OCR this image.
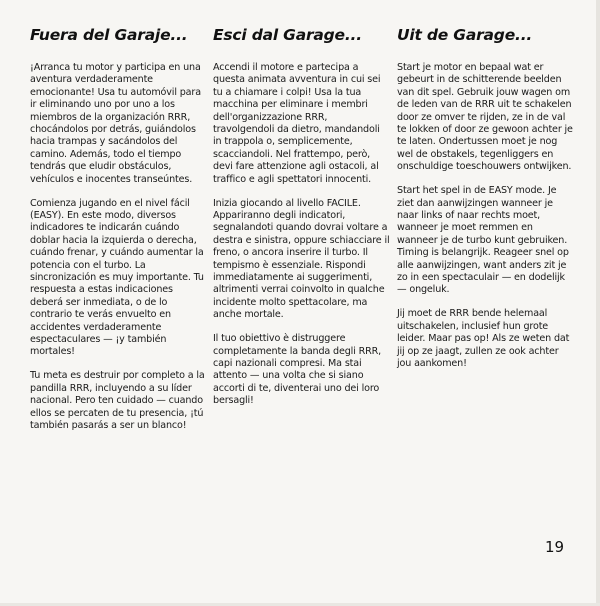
Fuera del Garaje...

¡Arranca tu motor y participa en una aventura verdaderamente emocionante! Usa tu automóvil para ir eliminando uno por uno a los miembros de la organización RRR, chocándolos por detrás, guiándolos hacia trampas y sacándolos del camino. Además, todo el tiempo tendrás que eludir obstáculos, vehículos e inocentes transeúntes.

Comienza jugando en el nivel fácil (EASY). En este modo, diversos indicadores te indicarán cuándo doblar hacia la izquierda o derecha, cuándo frenar, y cuándo aumentar la potencia con el turbo. La sincronización es muy importante. Tu respuesta a estas indicaciones deberá ser inmediata, o de lo contrario te verás envuelto en accidentes verdaderamente espectaculares — ¡y también mortales!

Tu meta es destruir por completo a la pandilla RRR, incluyendo a su líder nacional. Pero ten cuidado — cuando ellos se percaten de tu presencia, ¡tú también pasarás a ser un blanco!

Esci dal Garage...

Accendi il motore e partecipa a questa animata avventura in cui sei tu a chiamare i colpi! Usa la tua macchina per eliminare i membri dell'organizzazione RRR, travolgendoli da dietro, mandandoli in trappola o, semplicemente, scacciandoli. Nel frattempo, però, devi fare attenzione agli ostacoli, al traffico e agli spettatori innocenti.

Inizia giocando al livello FACILE. Appariranno degli indicatori, segnalandoti quando dovrai voltare a destra e sinistra, oppure schiacciare il freno, o ancora inserire il turbo. Il tempismo è essenziale. Rispondi immediatamente ai suggerimenti, altrimenti verrai coinvolto in qualche incidente molto spettacolare, ma anche mortale.

Il tuo obiettivo è distruggere completamente la banda degli RRR, capi nazionali compresi. Ma stai attento — una volta che si siano accorti di te, diventerai uno dei loro bersagli!

Uit de Garage...

Start je motor en bepaal wat er gebeurt in de schitterende beelden van dit spel. Gebruik jouw wagen om de leden van de RRR uit te schakelen door ze omver te rijden, ze in de val te lokken of door ze gewoon achter je te laten. Ondertussen moet je nog wel de obstakels, tegenliggers en onschuldige toeschouwers ontwijken.

Start het spel in de EASY mode. Je ziet dan aanwijzingen wanneer je naar links of naar rechts moet, wanneer je moet remmen en wanneer je de turbo kunt gebruiken. Timing is belangrijk. Reageer snel op alle aanwijzingen, want anders zit je zo in een spectaculair — en dodelijk — ongeluk.

Jij moet de RRR bende helemaal uitschakelen, inclusief hun grote leider. Maar pas op! Als ze weten dat jij op ze jaagt, zullen ze ook achter jou aankomen!

19
